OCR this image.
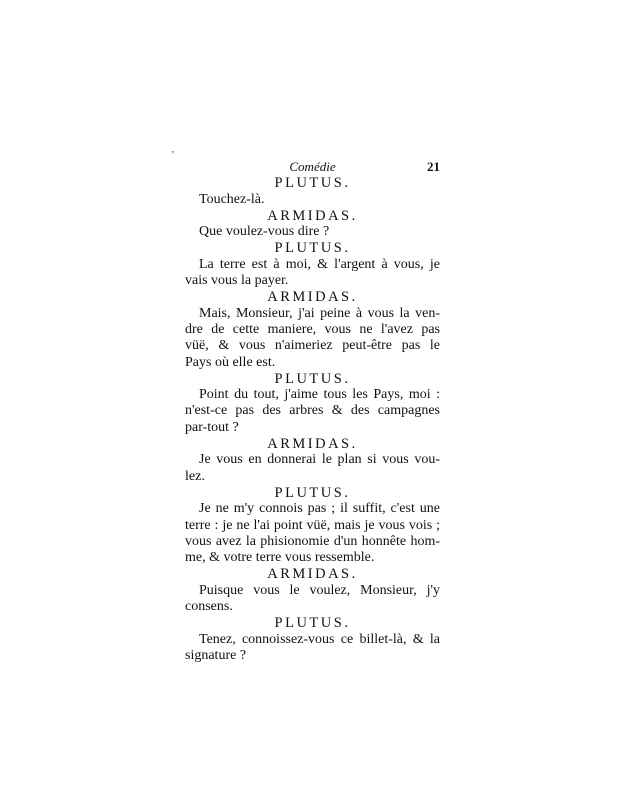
'
Comédie	21
PLUTUS.
Touchez-là.
ARMIDAS.
Que voulez-vous dire ?
PLUTUS.
La terre est à moi, & l'argent à vous, je
vais vous la payer.
ARMIDAS.
Mais, Monsieur, j'ai peine à vous la ven-
dre de cette maniere, vous ne l'avez pas
vüë, & vous n'aimeriez peut-être pas le
Pays où elle est.
PLUTUS.
Point du tout, j'aime tous les Pays, moi :
n'est-ce pas des arbres & des campagnes
par-tout ?
ARMIDAS.
Je vous en donnerai le plan si vous vou-
lez.
PLUTUS.
Je ne m'y connois pas ; il suffit, c'est une
terre : je ne l'ai point vüë, mais je vous vois ;
vous avez la phisionomie d'un honnête hom-
me, & votre terre vous ressemble.
ARMIDAS.
Puisque vous le voulez, Monsieur, j'y
consens.
PLUTUS.
Tenez, connoissez-vous ce billet-là, & la
signature ?
